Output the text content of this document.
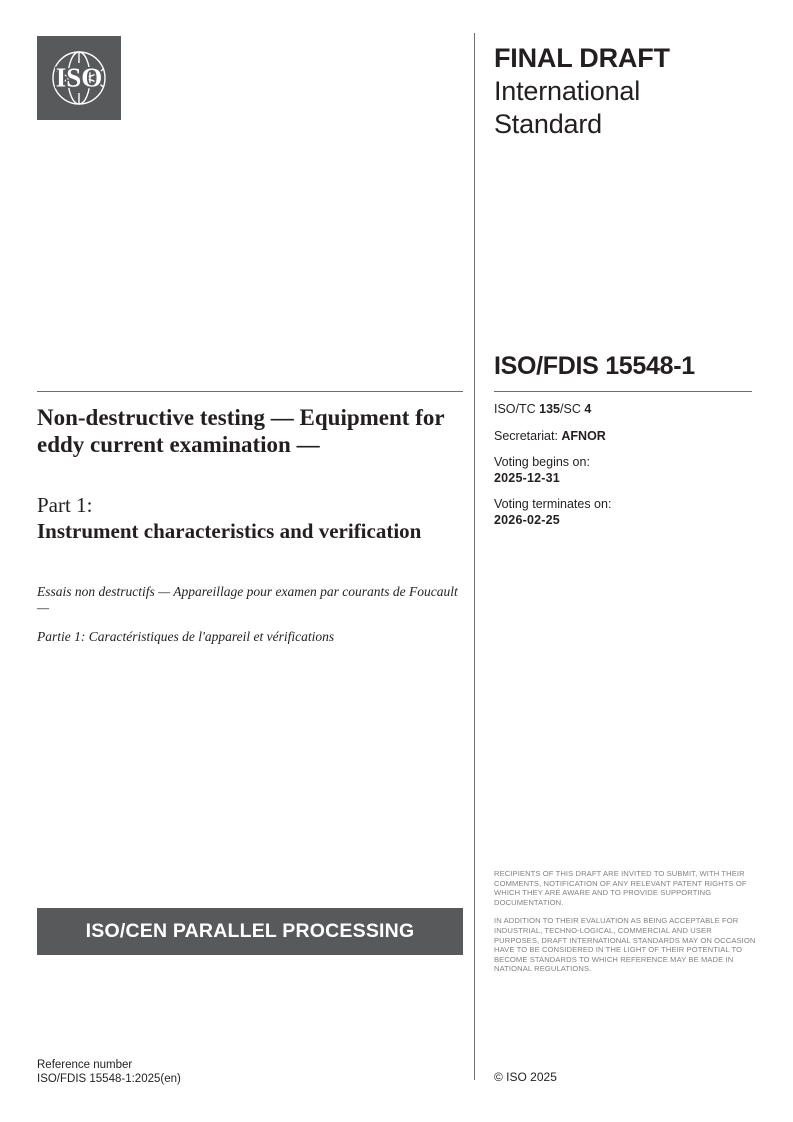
ISO
FINAL DRAFT
International
Standard
ISO/FDIS 15548-1
ISO/TC 135/SC 4
Secretariat: AFNOR
Voting begins on:
2025-12-31
Voting terminates on:
2026-02-25
Non-destructive testing — Equipment for eddy current examination —
Part 1:
Instrument characteristics and verification
Essais non destructifs — Appareillage pour examen par courants de Foucault —
Partie 1: Caractéristiques de l'appareil et vérifications
ISO/CEN PARALLEL PROCESSING

RECIPIENTS OF THIS DRAFT ARE INVITED TO SUBMIT, WITH THEIR COMMENTS, NOTIFICATION OF ANY RELEVANT PATENT RIGHTS OF WHICH THEY ARE AWARE AND TO PROVIDE SUPPORTING DOCUMENTATION.

IN ADDITION TO THEIR EVALUATION AS BEING ACCEPTABLE FOR INDUSTRIAL, TECHNO-LOGICAL, COMMERCIAL AND USER PURPOSES, DRAFT INTERNATIONAL STANDARDS MAY ON OCCASION HAVE TO BE CONSIDERED IN THE LIGHT OF THEIR POTENTIAL TO BECOME STANDARDS TO WHICH REFERENCE MAY BE MADE IN NATIONAL REGULATIONS.

Reference number
ISO/FDIS 15548-1:2025(en)	© ISO 2025
